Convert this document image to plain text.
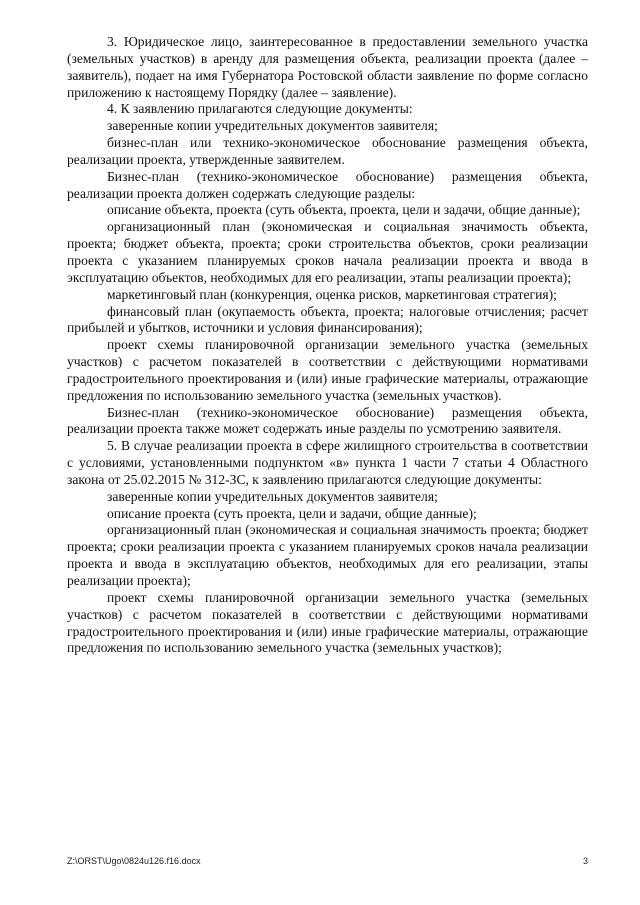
3. Юридическое лицо, заинтересованное в предоставлении земельного участка (земельных участков) в аренду для размещения объекта, реализации проекта (далее – заявитель), подает на имя Губернатора Ростовской области заявление по форме согласно приложению к настоящему Порядку (далее – заявление).

4. К заявлению прилагаются следующие документы:

заверенные копии учредительных документов заявителя;

бизнес-план или технико-экономическое обоснование размещения объекта, реализации проекта, утвержденные заявителем.

Бизнес-план (технико-экономическое обоснование) размещения объекта, реализации проекта должен содержать следующие разделы:

описание объекта, проекта (суть объекта, проекта, цели и задачи, общие данные);

организационный план (экономическая и социальная значимость объекта, проекта; бюджет объекта, проекта; сроки строительства объектов, сроки реализации проекта с указанием планируемых сроков начала реализации проекта и ввода в эксплуатацию объектов, необходимых для его реализации, этапы реализации проекта);

маркетинговый план (конкуренция, оценка рисков, маркетинговая стратегия);

финансовый план (окупаемость объекта, проекта; налоговые отчисления; расчет прибылей и убытков, источники и условия финансирования);

проект схемы планировочной организации земельного участка (земельных участков) с расчетом показателей в соответствии с действующими нормативами градостроительного проектирования и (или) иные графические материалы, отражающие предложения по использованию земельного участка (земельных участков).

Бизнес-план (технико-экономическое обоснование) размещения объекта, реализации проекта также может содержать иные разделы по усмотрению заявителя.

5. В случае реализации проекта в сфере жилищного строительства в соответствии с условиями, установленными подпунктом «в» пункта 1 части 7 статьи 4 Областного закона от 25.02.2015 № 312-ЗС, к заявлению прилагаются следующие документы:

заверенные копии учредительных документов заявителя;

описание проекта (суть проекта, цели и задачи, общие данные);

организационный план (экономическая и социальная значимость проекта; бюджет проекта; сроки реализации проекта с указанием планируемых сроков начала реализации проекта и ввода в эксплуатацию объектов, необходимых для его реализации, этапы реализации проекта);

проект схемы планировочной организации земельного участка (земельных участков) с расчетом показателей в соответствии с действующими нормативами градостроительного проектирования и (или) иные графические материалы, отражающие предложения по использованию земельного участка (земельных участков);

Z:\ORST\Ugo\0824u126.f16.docx	3
